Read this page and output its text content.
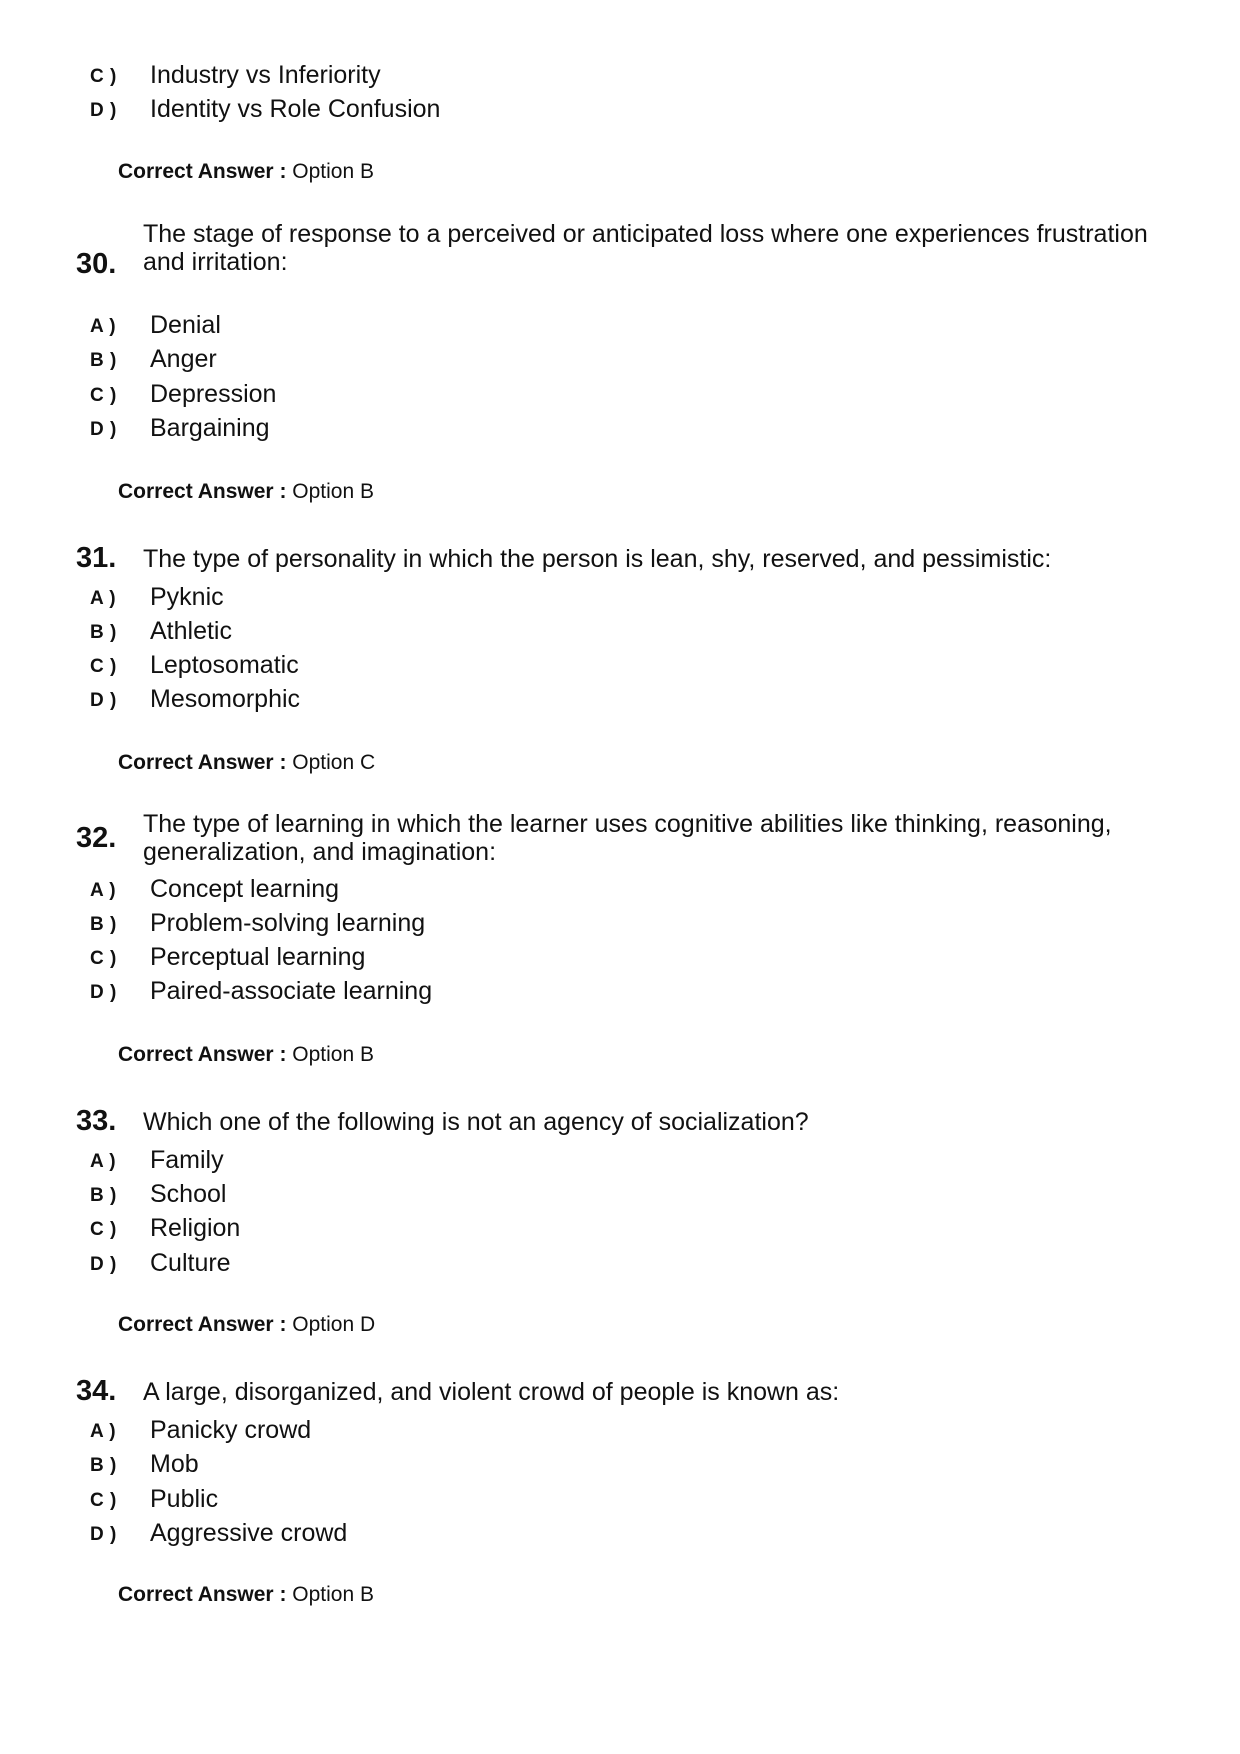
C ) Industry vs Inferiority
D ) Identity vs Role Confusion
Correct Answer : Option B
30.
The stage of response to a perceived or anticipated loss where one experiences frustration and irritation:
A ) Denial
B ) Anger
C ) Depression
D ) Bargaining
Correct Answer : Option B
31. The type of personality in which the person is lean, shy, reserved, and pessimistic:
A ) Pyknic
B ) Athletic
C ) Leptosomatic
D ) Mesomorphic
Correct Answer : Option C
32. The type of learning in which the learner uses cognitive abilities like thinking, reasoning, generalization, and imagination:
A ) Concept learning
B ) Problem-solving learning
C ) Perceptual learning
D ) Paired-associate learning
Correct Answer : Option B
33. Which one of the following is not an agency of socialization?
A ) Family
B ) School
C ) Religion
D ) Culture
Correct Answer : Option D
34. A large, disorganized, and violent crowd of people is known as:
A ) Panicky crowd
B ) Mob
C ) Public
D ) Aggressive crowd
Correct Answer : Option B
